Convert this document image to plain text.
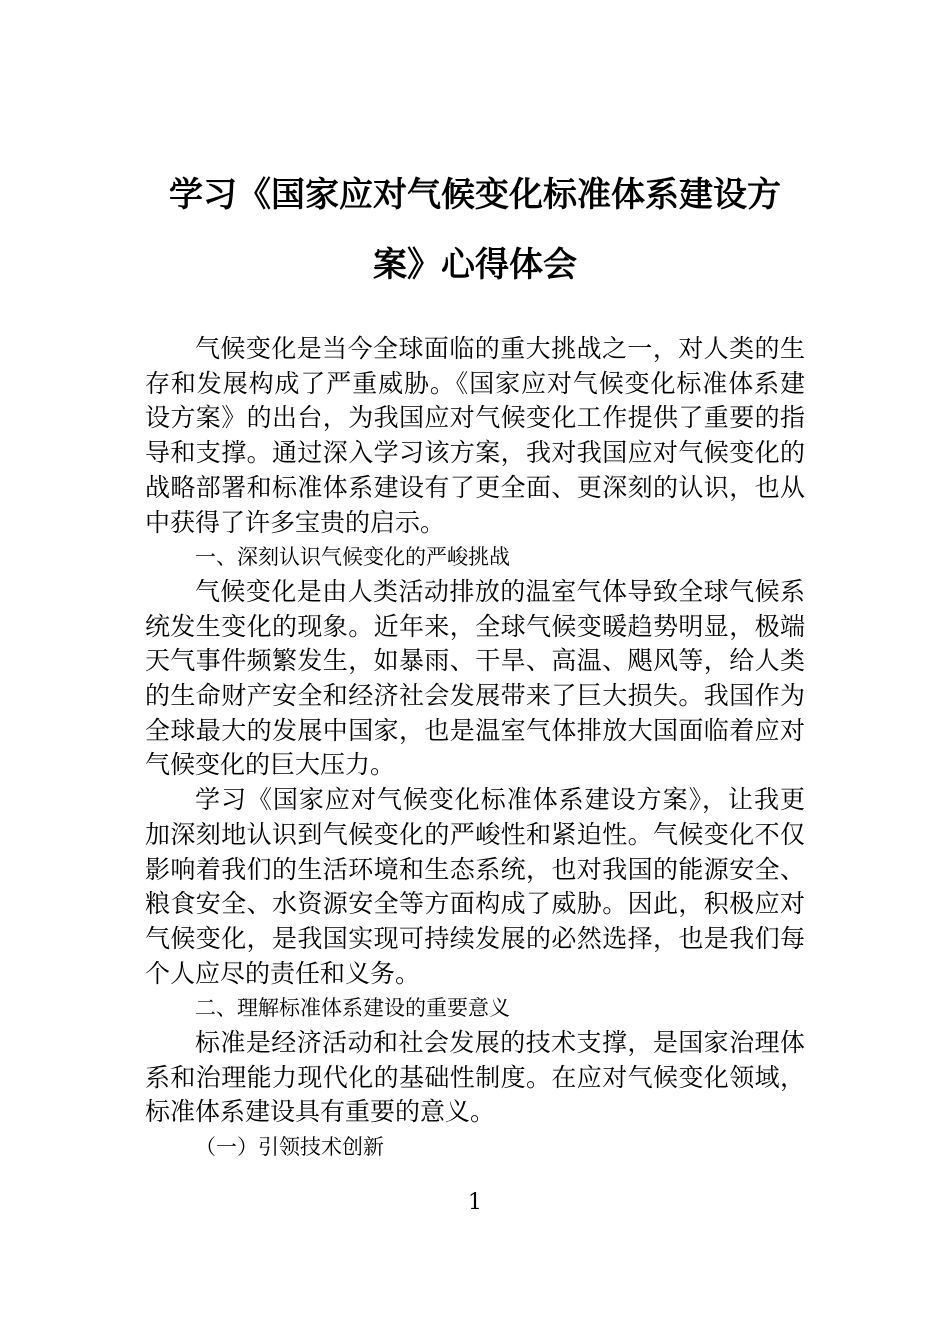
学习《国家应对气候变化标准体系建设方
案》心得体会

气候变化是当今全球面临的重大挑战之一，对人类的生存和发展构成了严重威胁。《国家应对气候变化标准体系建设方案》的出台，为我国应对气候变化工作提供了重要的指导和支撑。通过深入学习该方案，我对我国应对气候变化的战略部署和标准体系建设有了更全面、更深刻的认识，也从中获得了许多宝贵的启示。

一、深刻认识气候变化的严峻挑战

气候变化是由人类活动排放的温室气体导致全球气候系统发生变化的现象。近年来，全球气候变暖趋势明显，极端天气事件频繁发生，如暴雨、干旱、高温、飓风等，给人类的生命财产安全和经济社会发展带来了巨大损失。我国作为全球最大的发展中国家，也是温室气体排放大国面临着应对气候变化的巨大压力。

学习《国家应对气候变化标准体系建设方案》，让我更加深刻地认识到气候变化的严峻性和紧迫性。气候变化不仅影响着我们的生活环境和生态系统，也对我国的能源安全、粮食安全、水资源安全等方面构成了威胁。因此，积极应对气候变化，是我国实现可持续发展的必然选择，也是我们每个人应尽的责任和义务。

二、理解标准体系建设的重要意义

标准是经济活动和社会发展的技术支撑，是国家治理体系和治理能力现代化的基础性制度。在应对气候变化领域，标准体系建设具有重要的意义。

（一）引领技术创新

1
